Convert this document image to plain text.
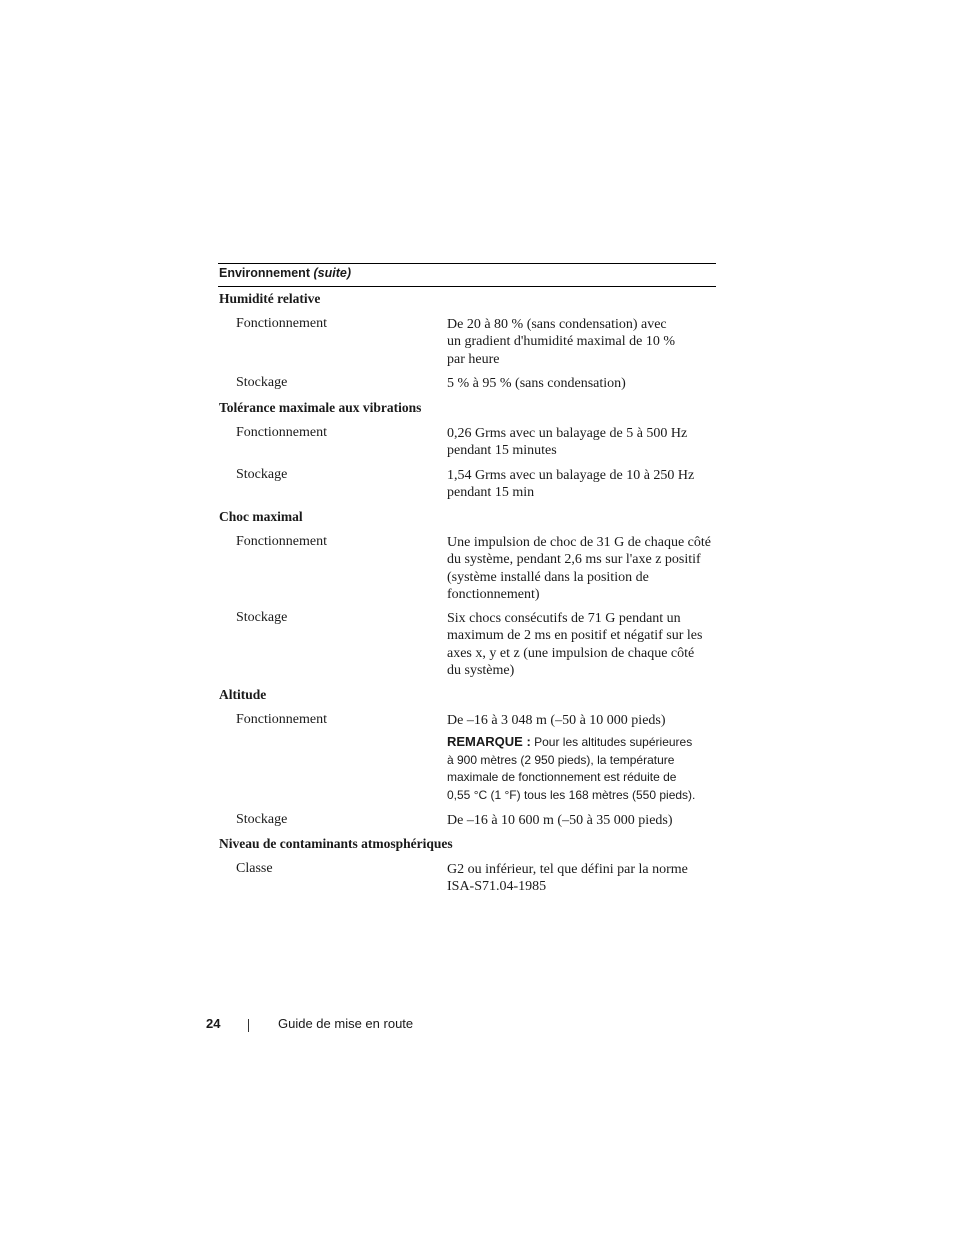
Environnement (suite)
Humidité relative
Fonctionnement	De 20 à 80 % (sans condensation) avec
un gradient d'humidité maximal de 10 %
par heure
Stockage	5 % à 95 % (sans condensation)
Tolérance maximale aux vibrations
Fonctionnement	0,26 Grms avec un balayage de 5 à 500 Hz
pendant 15 minutes
Stockage	1,54 Grms avec un balayage de 10 à 250 Hz
pendant 15 min
Choc maximal
Fonctionnement	Une impulsion de choc de 31 G de chaque côté
du système, pendant 2,6 ms sur l'axe z positif
(système installé dans la position de
fonctionnement)
Stockage	Six chocs consécutifs de 71 G pendant un
maximum de 2 ms en positif et négatif sur les
axes x, y et z (une impulsion de chaque côté
du système)
Altitude
Fonctionnement	De –16 à 3 048 m (–50 à 10 000 pieds)
REMARQUE : Pour les altitudes supérieures
à 900 mètres (2 950 pieds), la température
maximale de fonctionnement est réduite de
0,55 °C (1 °F) tous les 168 mètres (550 pieds).
Stockage	De –16 à 10 600 m (–50 à 35 000 pieds)
Niveau de contaminants atmosphériques
Classe	G2 ou inférieur, tel que défini par la norme
ISA-S71.04-1985
24	Guide de mise en route
